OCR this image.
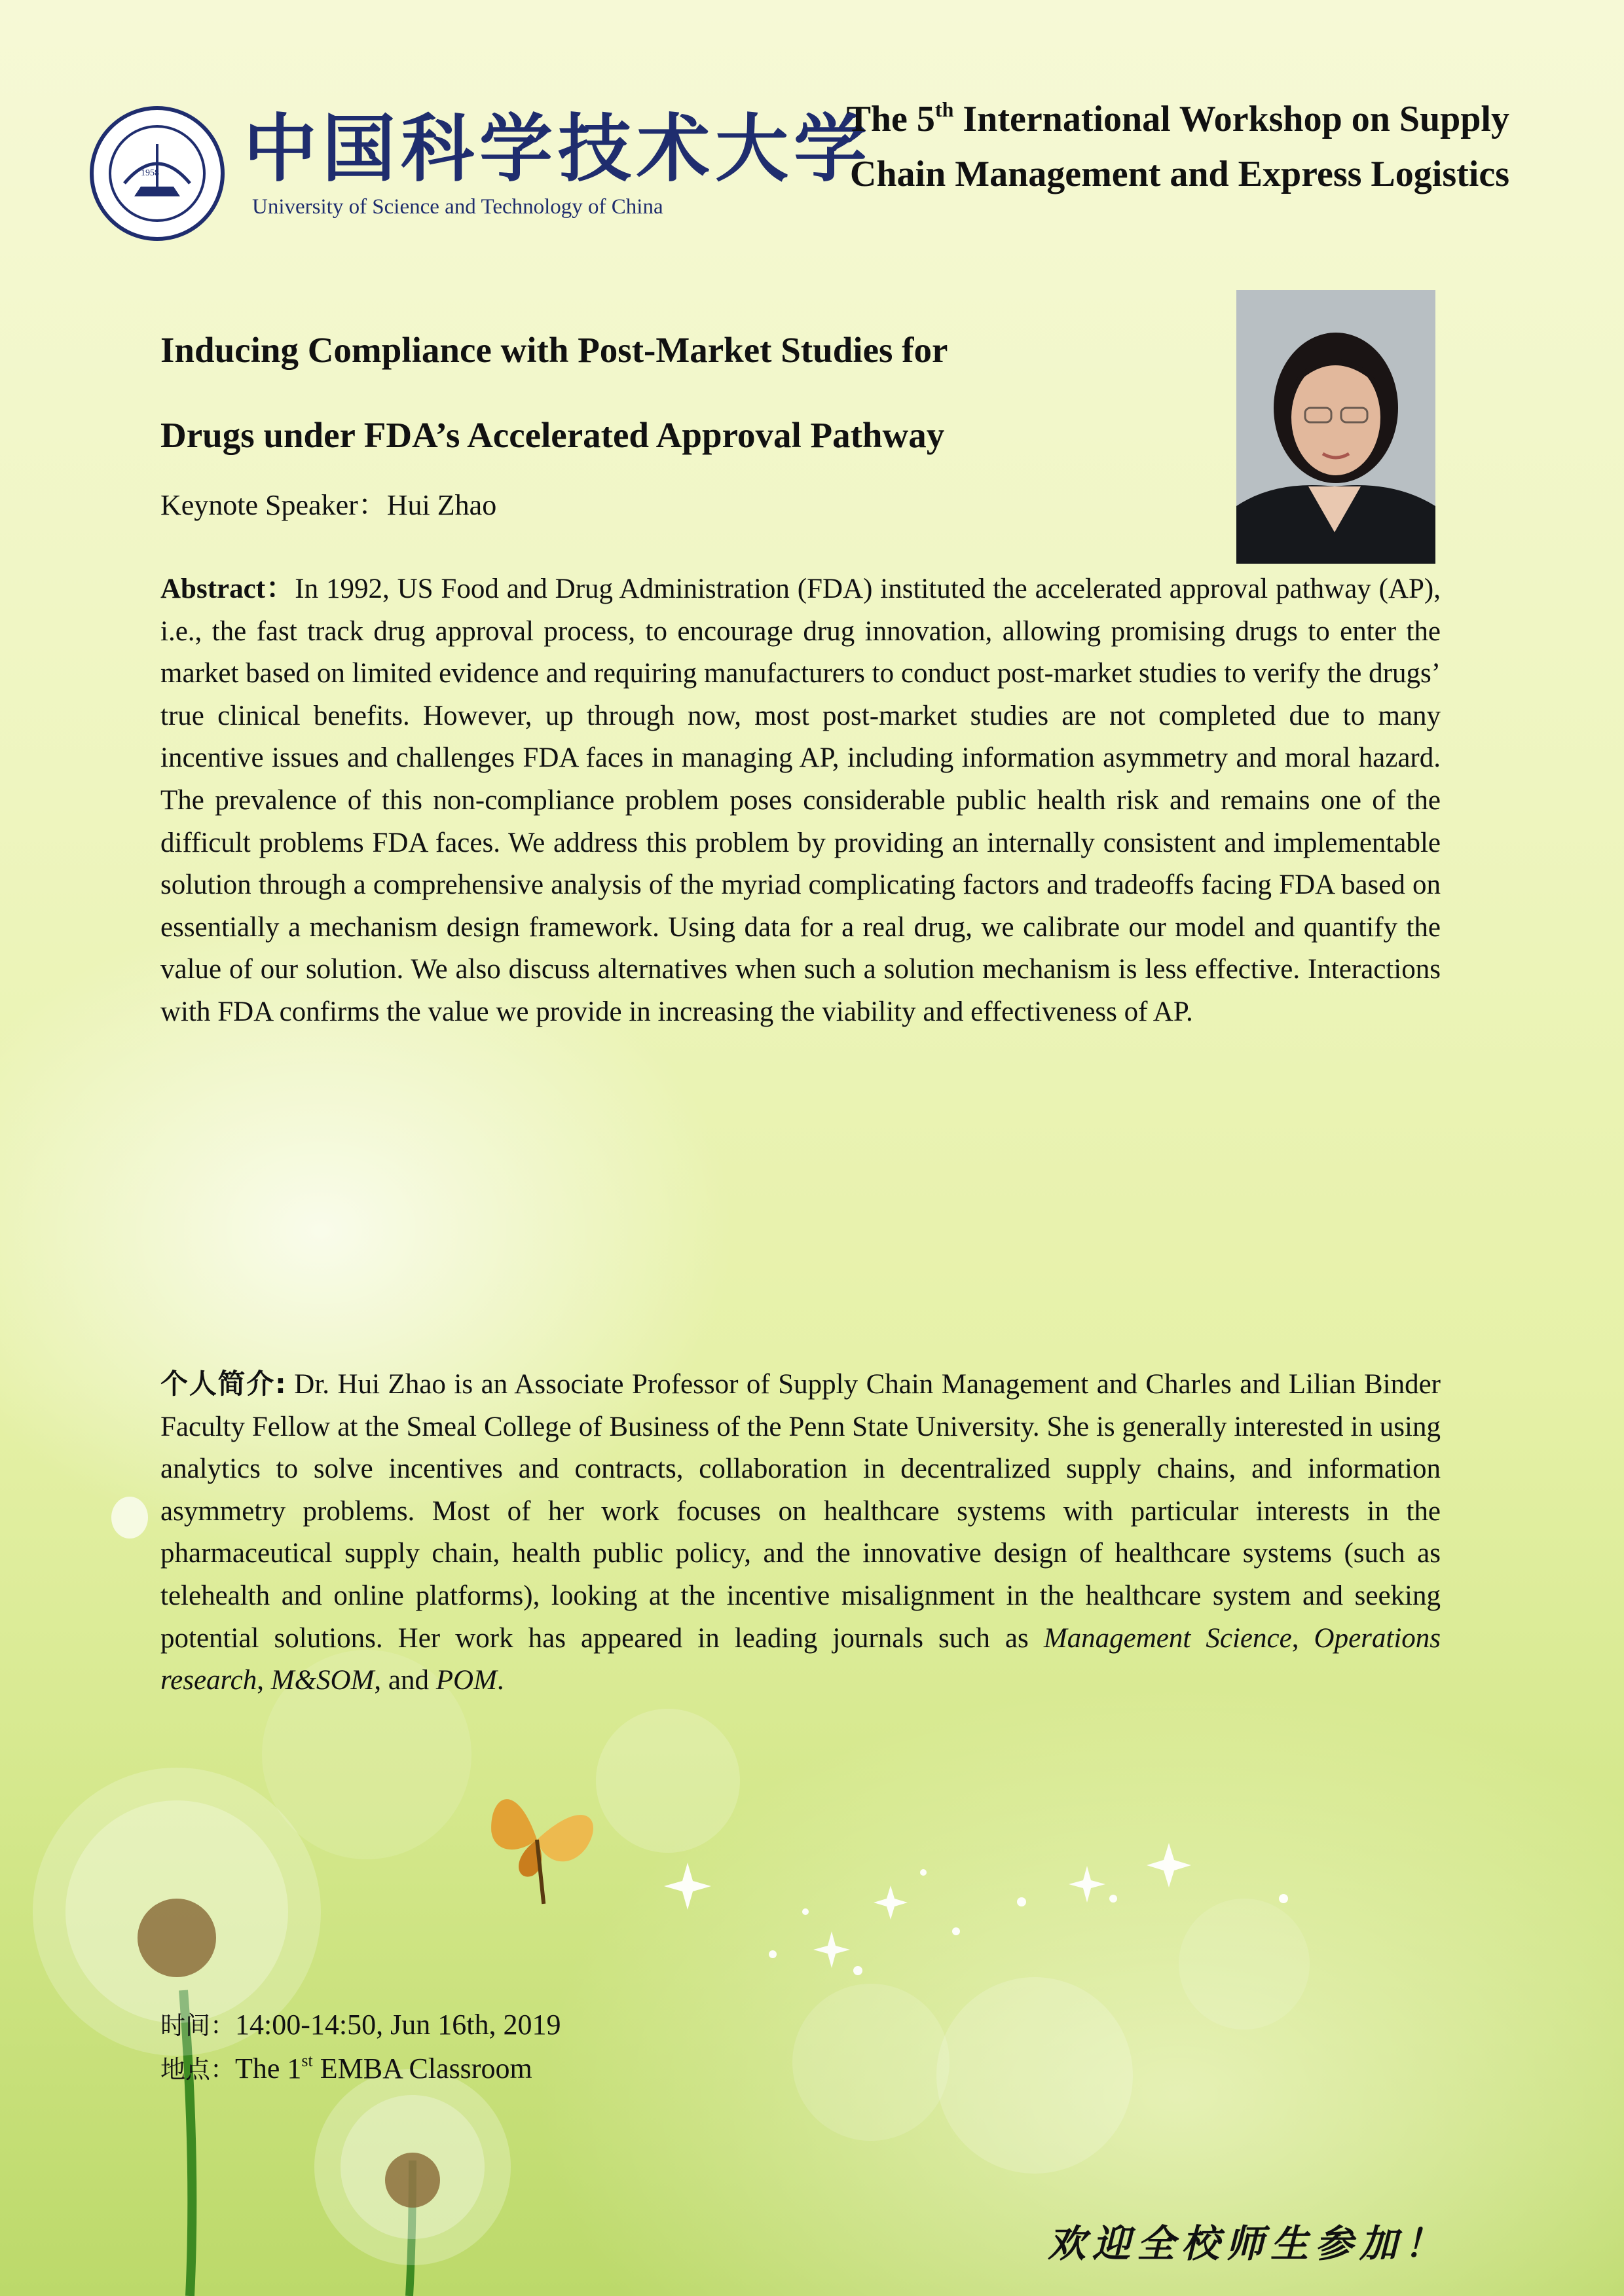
1958 中国科学技术大学
University of Science and Technology of China
The 5th International Workshop on Supply
Chain Management and Express Logistics
Inducing Compliance with Post-Market Studies for
Drugs under FDA’s Accelerated Approval Pathway
Keynote Speaker：Hui Zhao
Abstract：In 1992, US Food and Drug Administration (FDA) instituted the accelerated approval pathway (AP), i.e., the fast track drug approval process, to encourage drug innovation, allowing promising drugs to enter the market based on limited evidence and requiring manufacturers to conduct post-market studies to verify the drugs’ true clinical benefits. However, up through now, most post-market studies are not completed due to many incentive issues and challenges FDA faces in managing AP, including information asymmetry and moral hazard. The prevalence of this non-compliance problem poses considerable public health risk and remains one of the difficult problems FDA faces. We address this problem by providing an internally consistent and implementable solution through a comprehensive analysis of the myriad complicating factors and tradeoffs facing FDA based on essentially a mechanism design framework. Using data for a real drug, we calibrate our model and quantify the value of our solution. We also discuss alternatives when such a solution mechanism is less effective. Interactions with FDA confirms the value we provide in increasing the viability and effectiveness of AP.
个人简介: Dr. Hui Zhao is an Associate Professor of Supply Chain Management and Charles and Lilian Binder Faculty Fellow at the Smeal College of Business of the Penn State University. She is generally interested in using analytics to solve incentives and contracts, collaboration in decentralized supply chains, and information asymmetry problems. Most of her work focuses on healthcare systems with particular interests in the pharmaceutical supply chain, health public policy, and the innovative design of healthcare systems (such as telehealth and online platforms), looking at the incentive misalignment in the healthcare system and seeking potential solutions. Her work has appeared in leading journals such as Management Science, Operations research, M&SOM, and POM.
时间：14:00-14:50, Jun 16th, 2019
地点：The 1st EMBA Classroom
欢迎全校师生参加！
